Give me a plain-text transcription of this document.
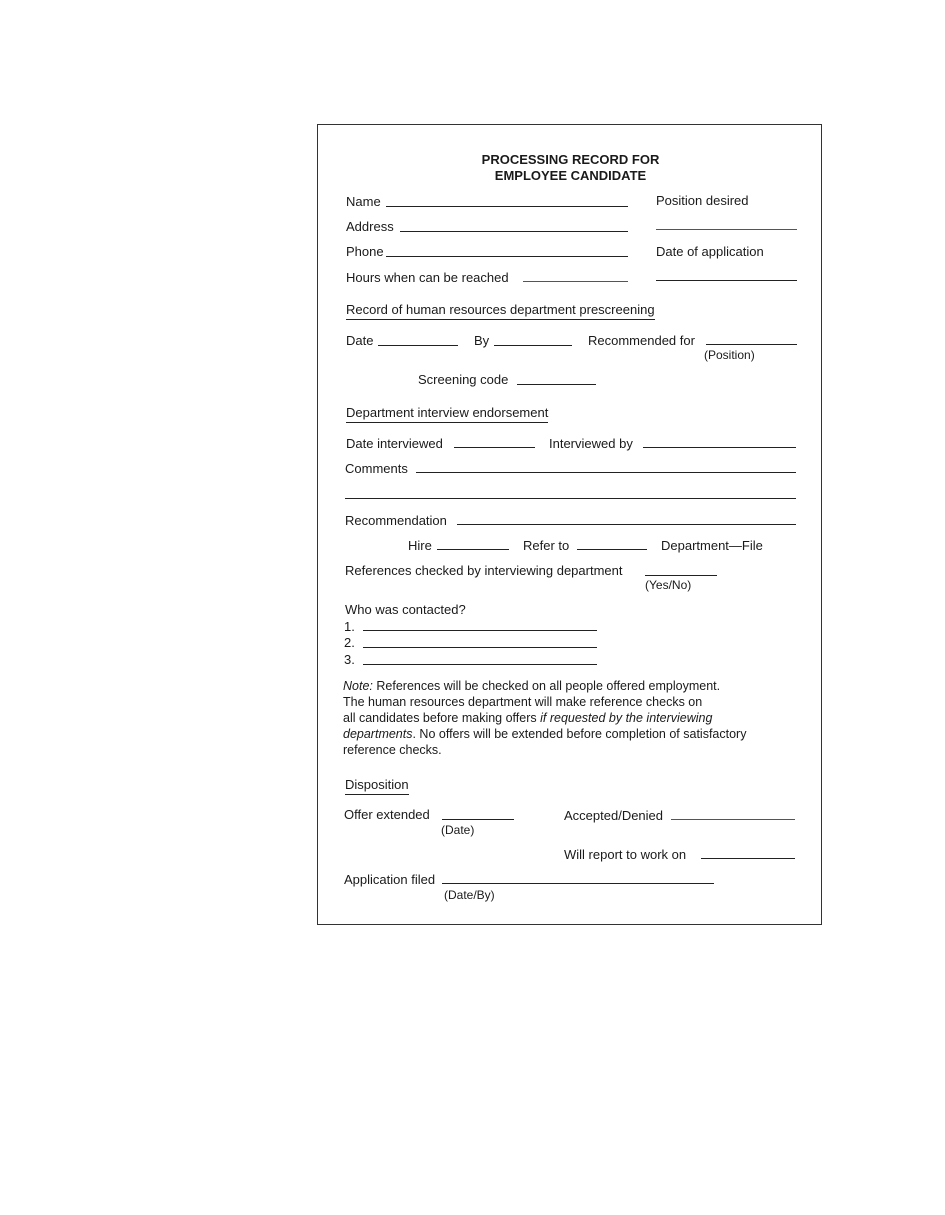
PROCESSING RECORD FOR
EMPLOYEE CANDIDATE
Name	Position desired
Address
Phone	Date of application
Hours when can be reached
Record of human resources department prescreening
Date	By	Recommended for
(Position)
Screening code
Department interview endorsement
Date interviewed	Interviewed by
Comments
Recommendation
Hire	Refer to	Department—File
References checked by interviewing department
(Yes/No)
Who was contacted?
1.
2.
3.
Note: References will be checked on all people offered employment.
The human resources department will make reference checks on
all candidates before making offers if requested by the interviewing
departments. No offers will be extended before completion of satisfactory
reference checks.
Disposition
Offer extended
(Date)
Accepted/Denied
Will report to work on
Application filed
(Date/By)
